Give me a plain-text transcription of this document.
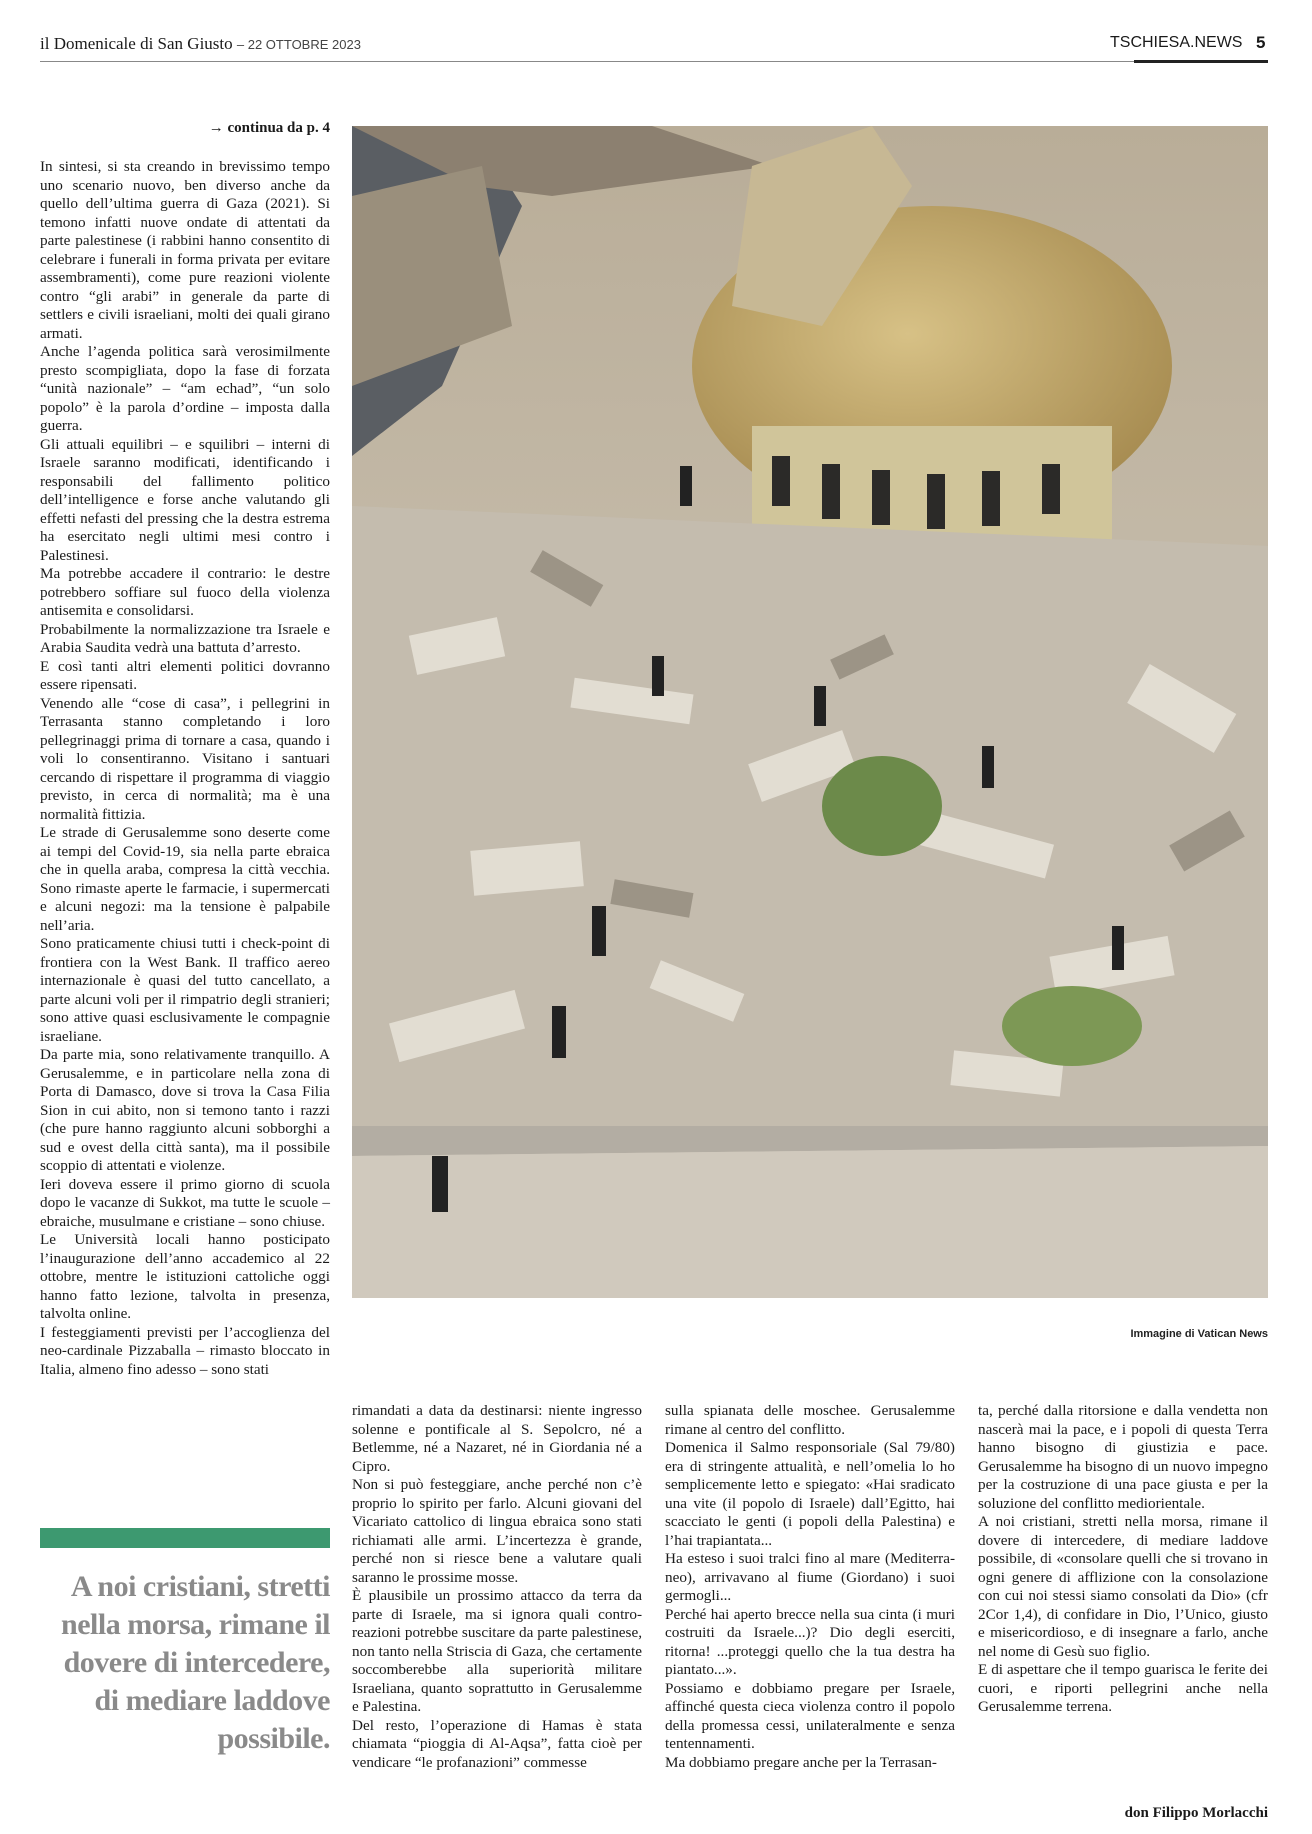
il Domenicale di San Giusto – 22 OTTOBRE 2023	TSCHIESA.NEWS 5
→ continua da p. 4

In sintesi, si sta creando in brevissimo tempo uno scenario nuovo, ben diverso anche da quello dell’ultima guerra di Gaza (2021). Si temono infatti nuove ondate di attentati da parte palestinese (i rabbini hanno consentito di celebrare i funerali in forma privata per evitare assembramenti), come pure reazioni violente contro “gli arabi” in generale da parte di settlers e civili israeliani, molti dei quali girano armati.

Anche l’agenda politica sarà verosimilmente presto scompigliata, dopo la fase di forzata “unità nazionale” – “am echad”, “un solo popolo” è la parola d’ordine – imposta dalla guerra.

Gli attuali equilibri – e squilibri – interni di Israele saranno modificati, identificando i responsabili del fallimento politico dell’intelligence e forse anche valutando gli effetti nefasti del pressing che la destra estrema ha esercitato negli ultimi mesi contro i Palestinesi.

Ma potrebbe accadere il contrario: le destre potrebbero soffiare sul fuoco della violenza antisemita e consolidarsi.

Probabilmente la normalizzazione tra Israele e Arabia Saudita vedrà una battuta d’arresto.

E così tanti altri elementi politici dovranno essere ripensati.

Venendo alle “cose di casa”, i pellegrini in Terrasanta stanno completando i loro pellegrinaggi prima di tornare a casa, quando i voli lo consentiranno. Visitano i santuari cercando di rispettare il programma di viaggio previsto, in cerca di normalità; ma è una normalità fittizia.

Le strade di Gerusalemme sono deserte come ai tempi del Covid-19, sia nella parte ebraica che in quella araba, compresa la città vecchia. Sono rimaste aperte le farmacie, i supermercati e alcuni negozi: ma la tensione è palpabile nell’aria.

Sono praticamente chiusi tutti i check-point di frontiera con la West Bank. Il traffico aereo internazionale è quasi del tutto cancellato, a parte alcuni voli per il rimpatrio degli stranieri; sono attive quasi esclusivamente le compagnie israeliane.

Da parte mia, sono relativamente tranquillo. A Gerusalemme, e in particolare nella zona di Porta di Damasco, dove si trova la Casa Filia Sion in cui abito, non si temono tanto i razzi (che pure hanno raggiunto alcuni sobborghi a sud e ovest della città santa), ma il possibile scoppio di attentati e violenze.

Ieri doveva essere il primo giorno di scuola dopo le vacanze di Sukkot, ma tutte le scuole – ebraiche, musulmane e cristiane – sono chiuse.

Le Università locali hanno posticipato l’inaugurazione dell’anno accademico al 22 ottobre, mentre le istituzioni cattoliche oggi hanno fatto lezione, talvolta in presenza, talvolta online.

I festeggiamenti previsti per l’accoglienza del neo-cardinale Pizzaballa – rimasto bloccato in Italia, almeno fino adesso – sono stati

Immagine di Vatican News
A noi cristiani, stretti nella morsa, rimane il dovere di intercedere, di mediare laddove possibile.

rimandati a data da destinarsi: niente ingresso solenne e pontificale al S. Sepolcro, né a Betlemme, né a Nazaret, né in Giordania né a Cipro.

Non si può festeggiare, anche perché non c’è proprio lo spirito per farlo. Alcuni giovani del Vicariato cattolico di lingua ebraica sono stati richiamati alle armi. L’incertezza è grande, perché non si riesce bene a valutare quali saranno le prossime mosse.

È plausibile un prossimo attacco da terra da parte di Israele, ma si ignora quali contro-reazioni potrebbe suscitare da parte palestinese, non tanto nella Striscia di Gaza, che certamente soccomberebbe alla superiorità militare Israeliana, quanto soprattutto in Gerusalemme e Palestina.

Del resto, l’operazione di Hamas è stata chiamata “pioggia di Al-Aqsa”, fatta cioè per vendicare “le profanazioni” commesse

sulla spianata delle moschee. Gerusalemme rimane al centro del conflitto.

Domenica il Salmo responsoriale (Sal 79/80) era di stringente attualità, e nell’omelia lo ho semplicemente letto e spiegato: «Hai sradicato una vite (il popolo di Israele) dall’Egitto, hai scacciato le genti (i popoli della Palestina) e l’hai trapiantata...

Ha esteso i suoi tralci fino al mare (Mediterra- neo), arrivavano al fiume (Giordano) i suoi germogli...

Perché hai aperto brecce nella sua cinta (i muri costruiti da Israele...)? Dio degli eserciti, ritorna! ...proteggi quello che la tua destra ha piantato...».

Possiamo e dobbiamo pregare per Israele, affinché questa cieca violenza contro il popolo della promessa cessi, unilateralmente e senza tentennamenti.

Ma dobbiamo pregare anche per la Terrasan-

ta, perché dalla ritorsione e dalla vendetta non nascerà mai la pace, e i popoli di questa Terra hanno bisogno di giustizia e pace. Gerusalemme ha bisogno di un nuovo impegno per la costruzione di una pace giusta e per la soluzione del conflitto mediorientale.

A noi cristiani, stretti nella morsa, rimane il dovere di intercedere, di mediare laddove possibile, di «consolare quelli che si trovano in ogni genere di afflizione con la consolazione con cui noi stessi siamo consolati da Dio» (cfr 2Cor 1,4), di confidare in Dio, l’Unico, giusto e misericordioso, e di insegnare a farlo, anche nel nome di Gesù suo figlio.

E di aspettare che il tempo guarisca le ferite dei cuori, e riporti pellegrini anche nella Gerusalemme terrena.

don Filippo Morlacchi
